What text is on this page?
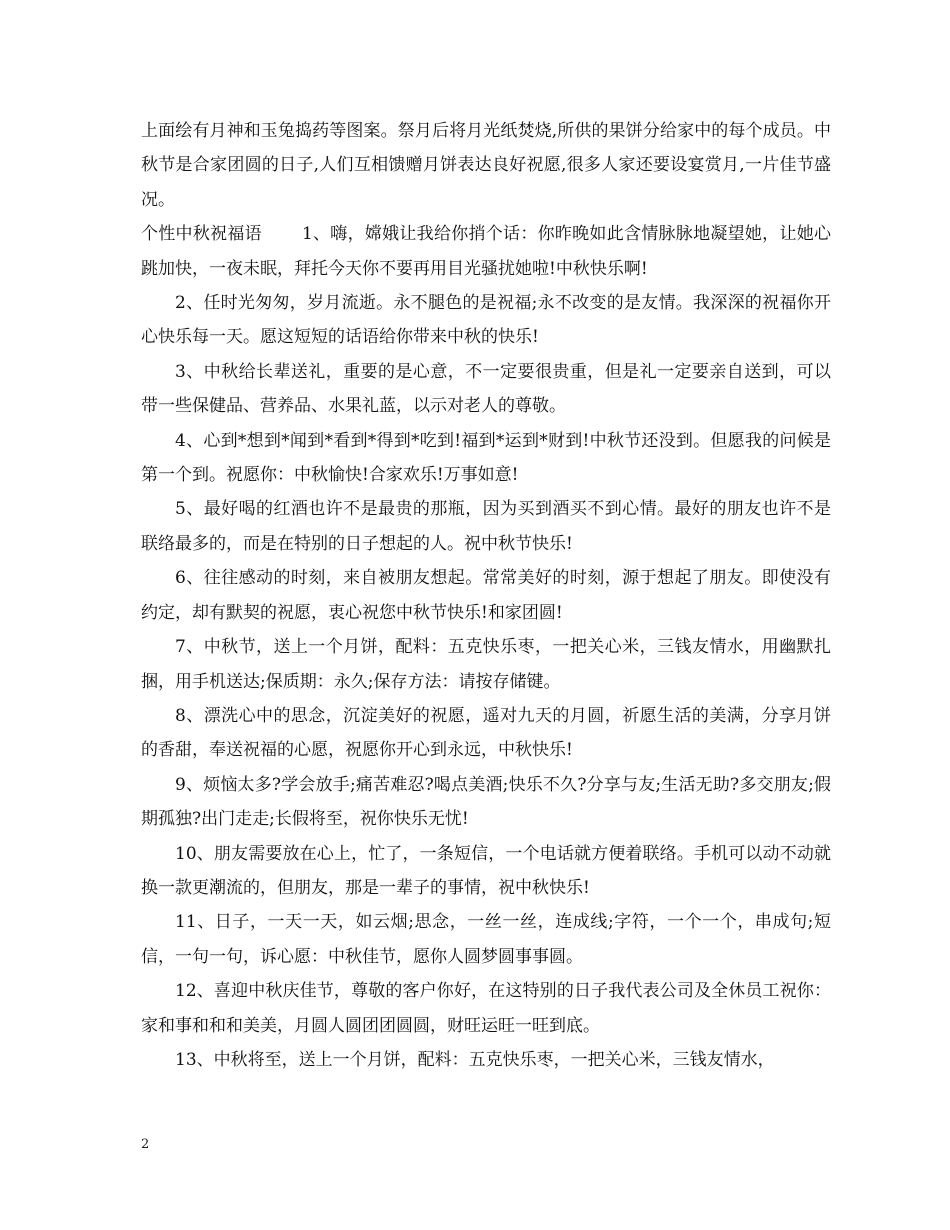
上面绘有月神和玉兔捣药等图案。祭月后将月光纸焚烧,所供的果饼分给家中的每个成员。中秋节是合家团圆的日子,人们互相馈赠月饼表达良好祝愿,很多人家还要设宴赏月,一片佳节盛况。

个性中秋祝福语 1、嗨，嫦娥让我给你捎个话：你昨晚如此含情脉脉地凝望她，让她心跳加快，一夜未眠，拜托今天你不要再用目光骚扰她啦!中秋快乐啊!

2、任时光匆匆，岁月流逝。永不腿色的是祝福;永不改变的是友情。我深深的祝福你开心快乐每一天。愿这短短的话语给你带来中秋的快乐!

3、中秋给长辈送礼，重要的是心意，不一定要很贵重，但是礼一定要亲自送到，可以带一些保健品、营养品、水果礼蓝，以示对老人的尊敬。

4、心到*想到*闻到*看到*得到*吃到!福到*运到*财到!中秋节还没到。但愿我的问候是第一个到。祝愿你：中秋愉快!合家欢乐!万事如意!

5、最好喝的红酒也许不是最贵的那瓶，因为买到酒买不到心情。最好的朋友也许不是联络最多的，而是在特别的日子想起的人。祝中秋节快乐!

6、往往感动的时刻，来自被朋友想起。常常美好的时刻，源于想起了朋友。即使没有约定，却有默契的祝愿，衷心祝您中秋节快乐!和家团圆!

7、中秋节，送上一个月饼，配料：五克快乐枣，一把关心米，三钱友情水，用幽默扎捆，用手机送达;保质期：永久;保存方法：请按存储键。

8、漂洗心中的思念，沉淀美好的祝愿，遥对九天的月圆，祈愿生活的美满，分享月饼的香甜，奉送祝福的心愿，祝愿你开心到永远，中秋快乐!

9、烦恼太多?学会放手;痛苦难忍?喝点美酒;快乐不久?分享与友;生活无助?多交朋友;假期孤独?出门走走;长假将至，祝你快乐无忧!

10、朋友需要放在心上，忙了，一条短信，一个电话就方便着联络。手机可以动不动就换一款更潮流的，但朋友，那是一辈子的事情，祝中秋快乐!

11、日子，一天一天，如云烟;思念，一丝一丝，连成线;字符，一个一个，串成句;短信，一句一句，诉心愿：中秋佳节，愿你人圆梦圆事事圆。

12、喜迎中秋庆佳节，尊敬的客户你好，在这特别的日子我代表公司及全休员工祝你：家和事和和和美美，月圆人圆团团圆圆，财旺运旺一旺到底。

13、中秋将至，送上一个月饼，配料：五克快乐枣，一把关心米，三钱友情水，

2
